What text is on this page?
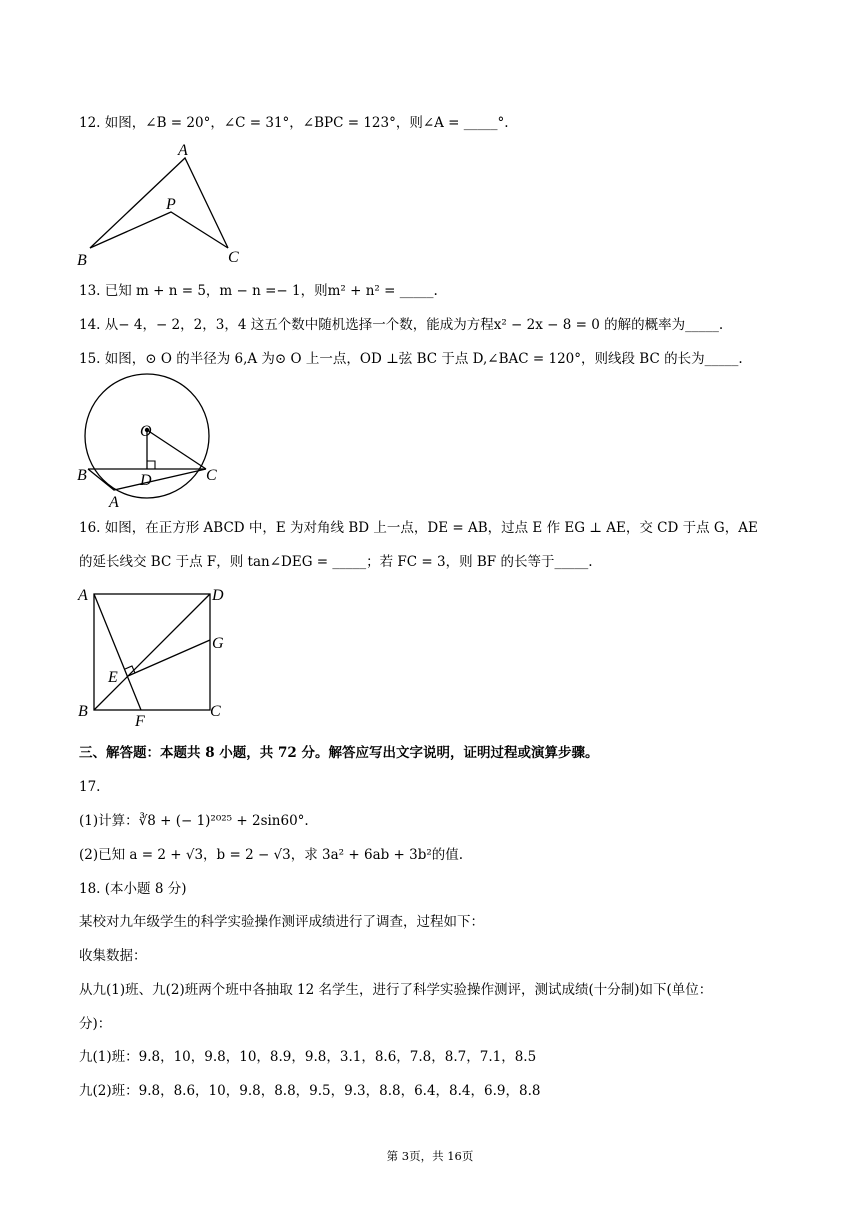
12. 如图，∠B = 20°，∠C = 31°，∠BPC = 123°，则∠A = _____°.
A
P
B	C
13. 已知 m + n = 5，m − n =− 1，则m² + n² = _____.
14. 从− 4，− 2，2，3，4 这五个数中随机选择一个数，能成为方程x² − 2x − 8 = 0 的解的概率为_____.
15. 如图，⊙ O 的半径为 6,A 为⊙ O 上一点，OD ⊥弦 BC 于点 D,∠BAC = 120°，则线段 BC 的长为_____.
O
B	D	C
A
16. 如图，在正方形 ABCD 中，E 为对角线 BD 上一点，DE = AB，过点 E 作 EG ⊥ AE，交 CD 于点 G，AE
的延长线交 BC 于点 F，则 tan∠DEG = _____；若 FC = 3，则 BF 的长等于_____.
A	D
G
E
B
F
C
三、解答题：本题共 8 小题，共 72 分。解答应写出文字说明，证明过程或演算步骤。
17.
(1)计算：∛8 + (− 1)²⁰²⁵ + 2sin60°.
(2)已知 a = 2 + √3，b = 2 − √3，求 3a² + 6ab + 3b²的值.
18. (本小题 8 分)
某校对九年级学生的科学实验操作测评成绩进行了调查，过程如下：
收集数据：
从九(1)班、九(2)班两个班中各抽取 12 名学生，进行了科学实验操作测评，测试成绩(十分制)如下(单位：
分)：
九(1)班：9.8，10，9.8，10，8.9，9.8，3.1，8.6，7.8，8.7，7.1，8.5
九(2)班：9.8，8.6，10，9.8，8.8，9.5，9.3，8.8，6.4，8.4，6.9，8.8
第 3页，共 16页
